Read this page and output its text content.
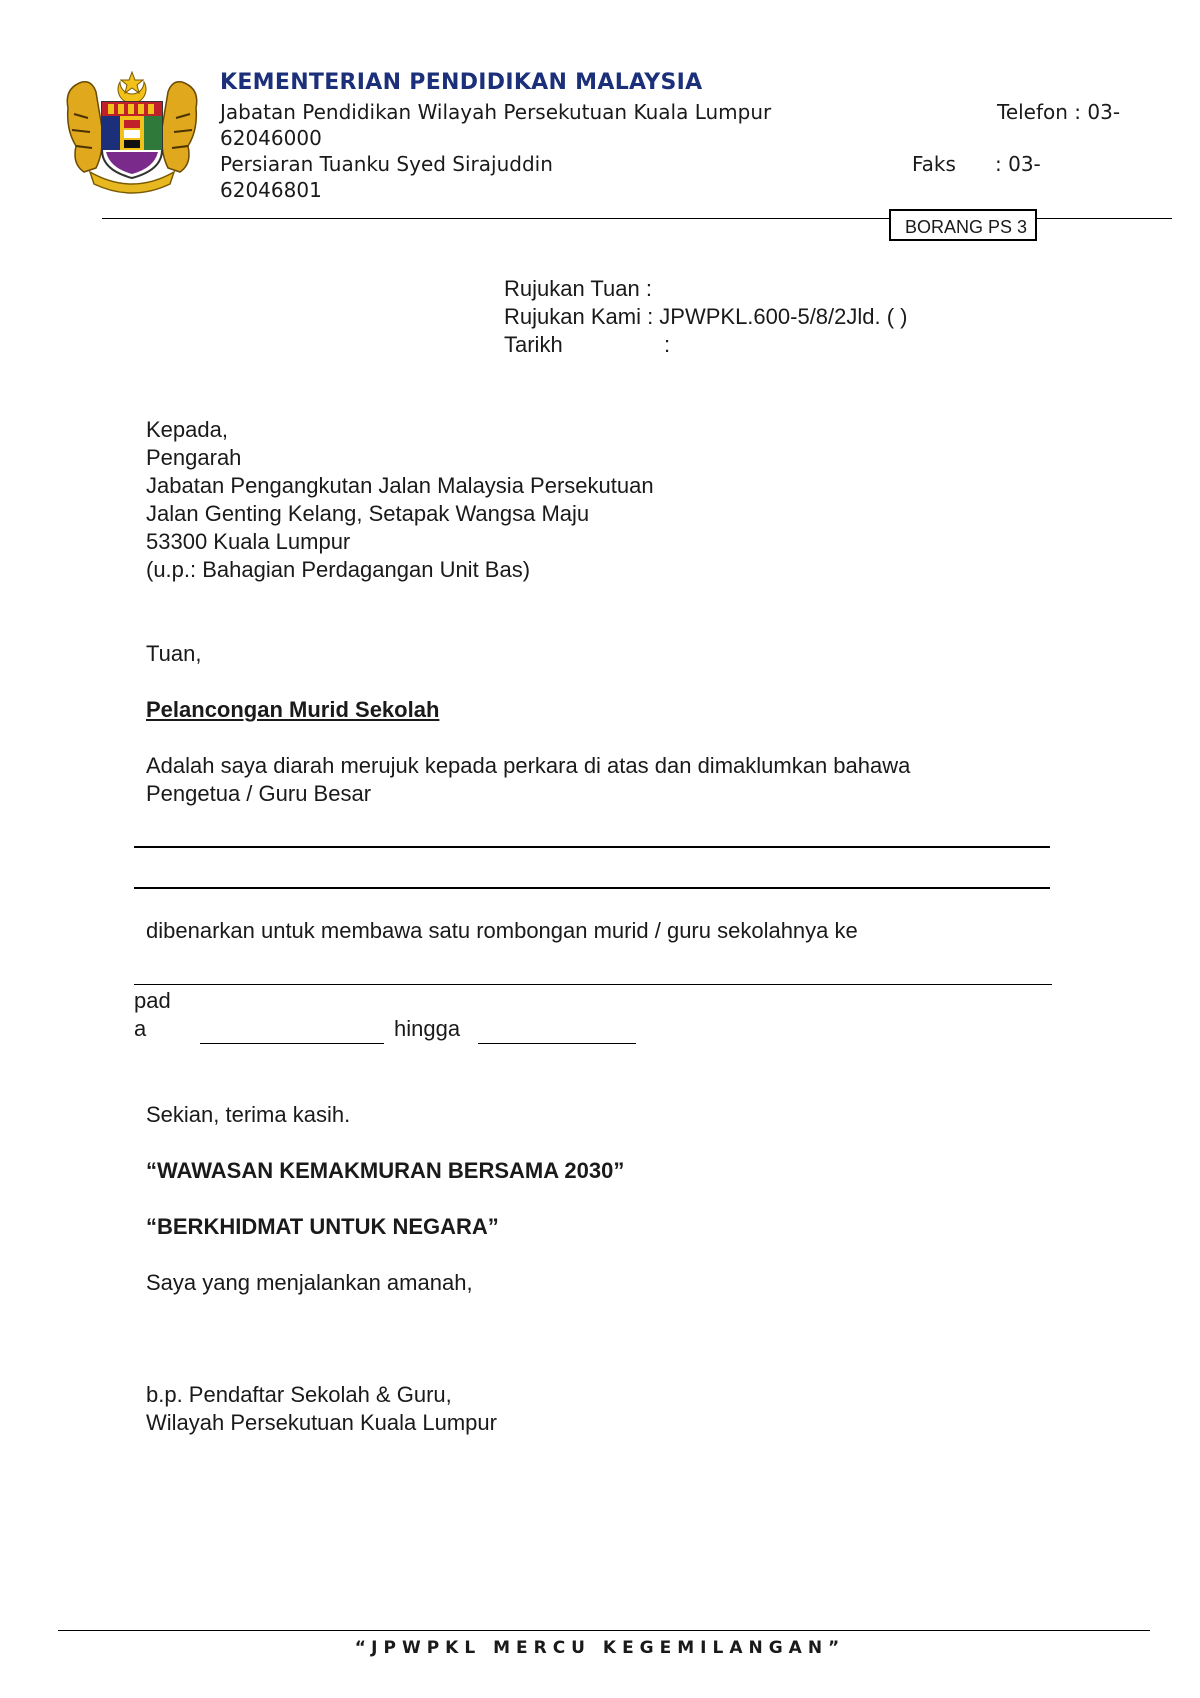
KEMENTERIAN PENDIDIKAN MALAYSIA
Jabatan Pendidikan Wilayah Persekutuan Kuala Lumpur	Telefon : 03-
62046000
Persiaran Tuanku Syed Sirajuddin	Faks : 03-
62046801
BORANG PS 3
Rujukan Tuan :
Rujukan Kami : JPWPKL.600-5/8/2Jld. ( )
Tarikh	:
Kepada,
Pengarah
Jabatan Pengangkutan Jalan Malaysia Persekutuan
Jalan Genting Kelang, Setapak Wangsa Maju
53300 Kuala Lumpur
(u.p.: Bahagian Perdagangan Unit Bas)
Tuan,
Pelancongan Murid Sekolah
Adalah saya diarah merujuk kepada perkara di atas dan dimaklumkan bahawa
Pengetua / Guru Besar
dibenarkan untuk membawa satu rombongan murid / guru sekolahnya ke
pad
a	hingga
Sekian, terima kasih.
“WAWASAN KEMAKMURAN BERSAMA 2030”
“BERKHIDMAT UNTUK NEGARA”
Saya yang menjalankan amanah,
b.p. Pendaftar Sekolah & Guru,
Wilayah Persekutuan Kuala Lumpur
“JPWPKL MERCU KEGEMILANGAN”
